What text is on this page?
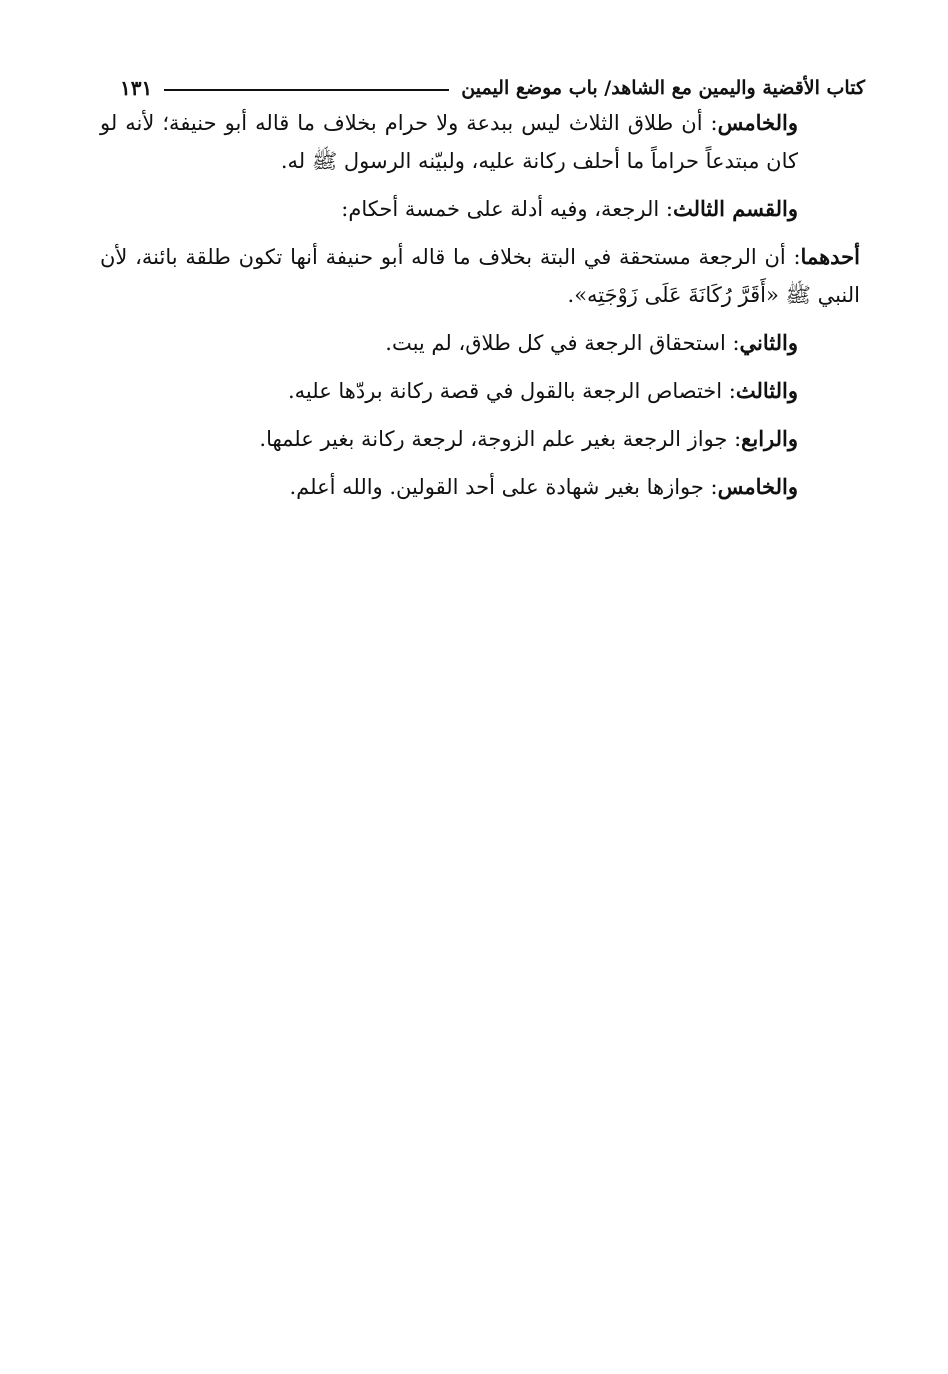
كتاب الأقضية واليمين مع الشاهد/ باب موضع اليمين
١٣١

والخامس: أن طلاق الثلاث ليس ببدعة ولا حرام بخلاف ما قاله أبو حنيفة؛ لأنه لو كان مبتدعاً حراماً ما أحلف ركانة عليه، ولبيّنه الرسول ﷺ له.

والقسم الثالث: الرجعة، وفيه أدلة على خمسة أحكام:

أحدهما: أن الرجعة مستحقة في البتة بخلاف ما قاله أبو حنيفة أنها تكون طلقة بائنة، لأن النبي ﷺ «أَقَرَّ رُكَانَةَ عَلَى زَوْجَتِه».

والثاني: استحقاق الرجعة في كل طلاق، لم يبت.

والثالث: اختصاص الرجعة بالقول في قصة ركانة بردّها عليه.

والرابع: جواز الرجعة بغير علم الزوجة، لرجعة ركانة بغير علمها.

والخامس: جوازها بغير شهادة على أحد القولين. والله أعلم.
